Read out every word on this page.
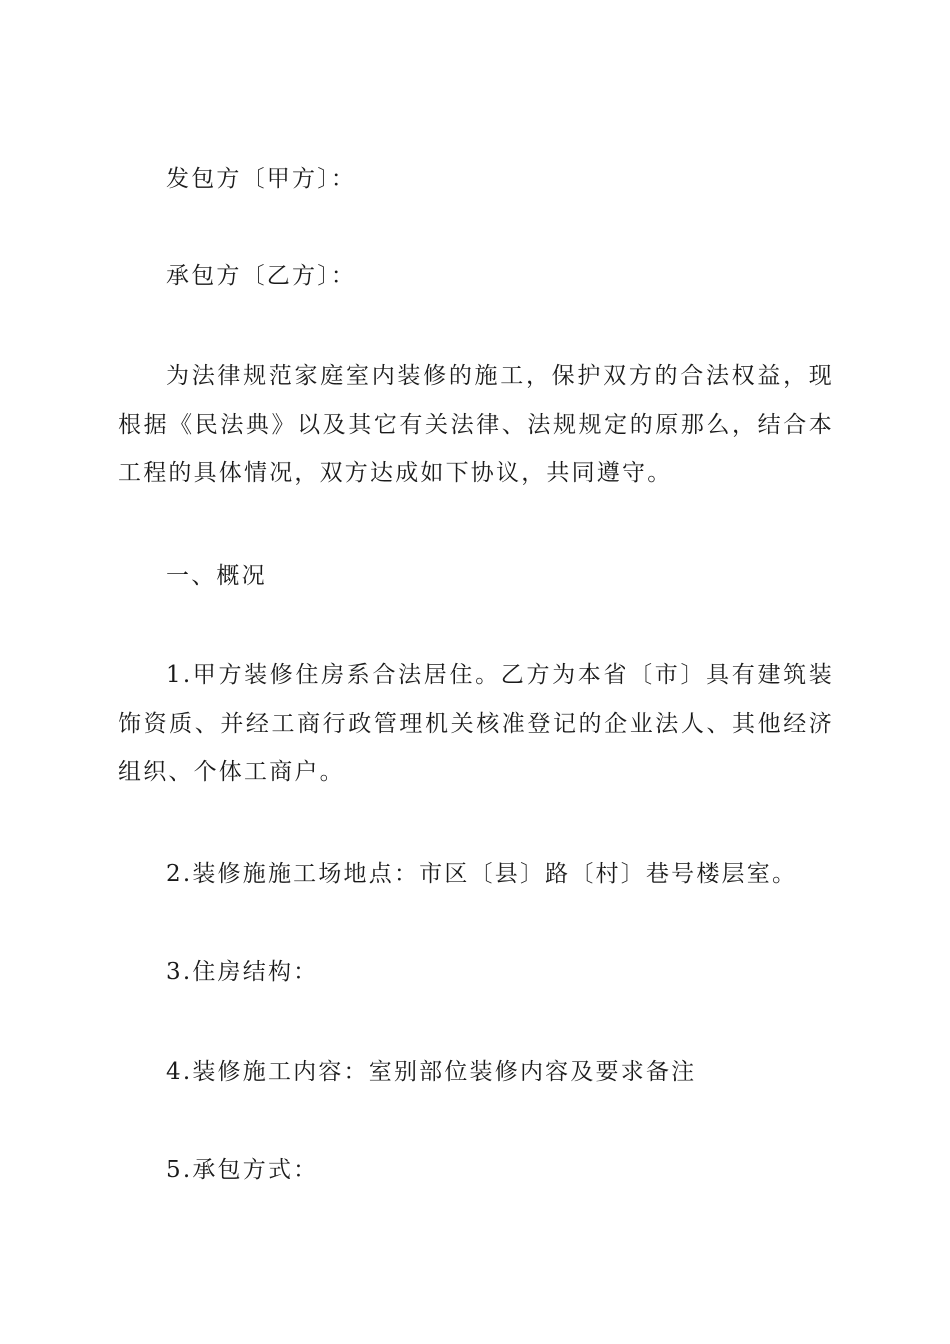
发包方〔甲方〕：

承包方〔乙方〕：

为法律规范家庭室内装修的施工，保护双方的合法权益，现根据《民法典》以及其它有关法律、法规规定的原那么，结合本工程的具体情况，双方达成如下协议，共同遵守。

一、概况

1.甲方装修住房系合法居住。乙方为本省〔市〕具有建筑装饰资质、并经工商行政管理机关核准登记的企业法人、其他经济组织、个体工商户。

2.装修施施工场地点：市区〔县〕路〔村〕巷号楼层室。

3.住房结构：

4.装修施工内容：室别部位装修内容及要求备注

5.承包方式：
